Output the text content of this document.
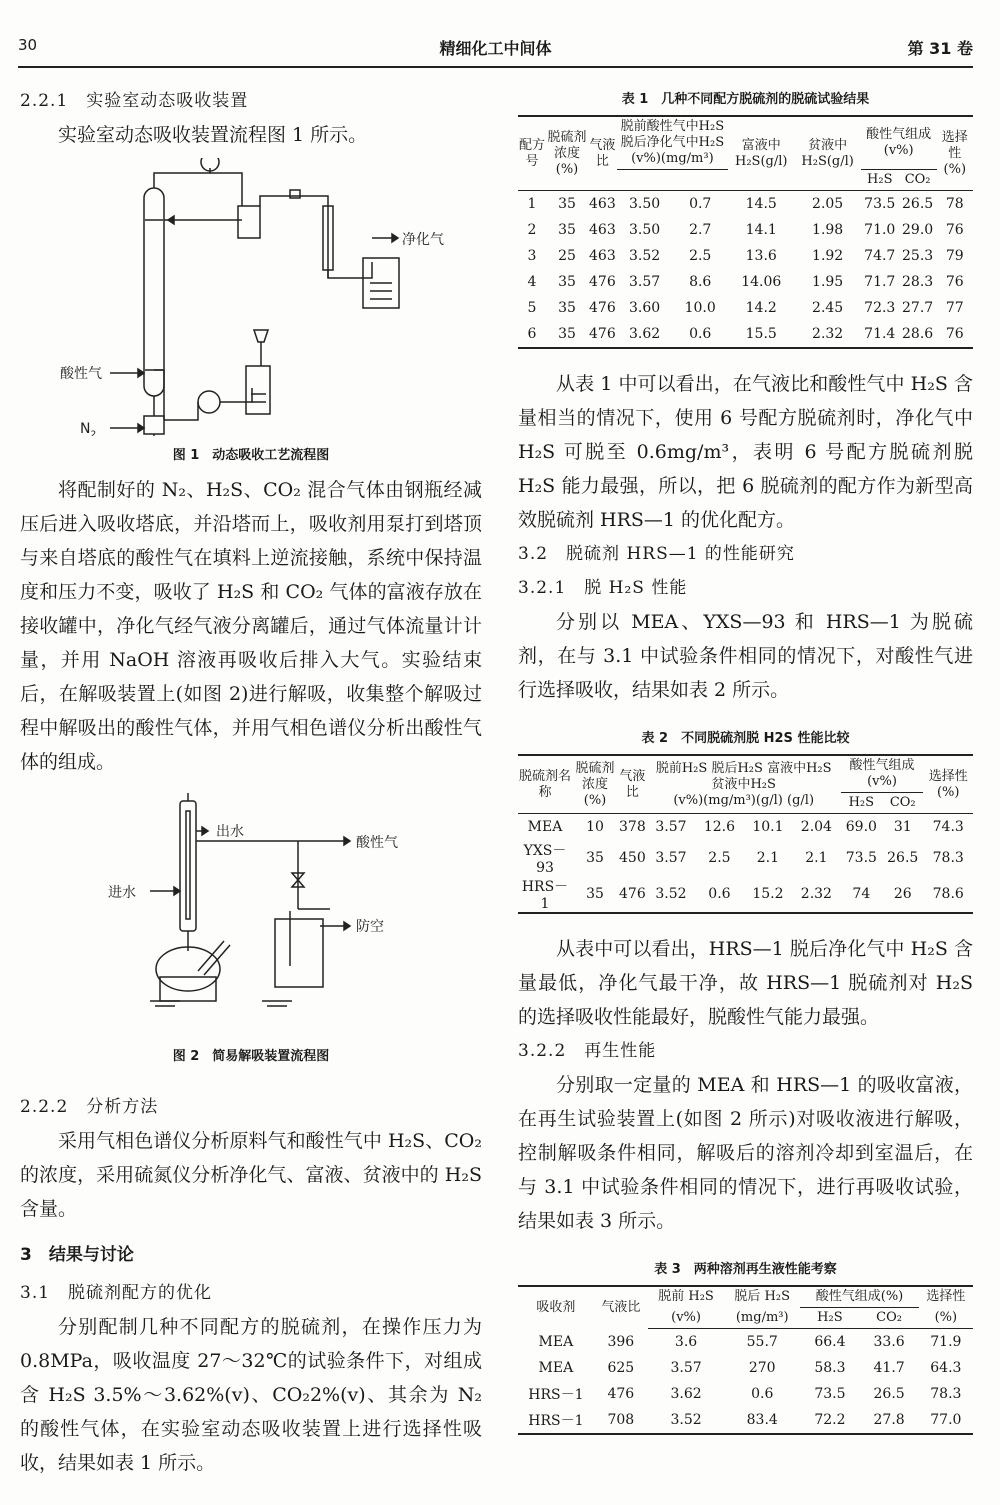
30	精细化工中间体	第 31 卷
2.2.1　实验室动态吸收装置

实验室动态吸收装置流程图 1 所示。

净化气
酸性气
$N_2$
图 1　动态吸收工艺流程图

将配制好的 N₂、H₂S、CO₂ 混合气体由钢瓶经减压后进入吸收塔底，并沿塔而上，吸收剂用泵打到塔顶与来自塔底的酸性气在填料上逆流接触，系统中保持温度和压力不变，吸收了 H₂S 和 CO₂ 气体的富液存放在接收罐中，净化气经气液分离罐后，通过气体流量计计量，并用 NaOH 溶液再吸收后排入大气。实验结束后，在解吸装置上(如图 2)进行解吸，收集整个解吸过程中解吸出的酸性气体，并用气相色谱仪分析出酸性气体的组成。

出水
进水
酸性气
防空
图 2　简易解吸装置流程图
2.2.2　分析方法

采用气相色谱仪分析原料气和酸性气中 H₂S、CO₂ 的浓度，采用硫氮仪分析净化气、富液、贫液中的 H₂S 含量。

3　结果与讨论
3.1　脱硫剂配方的优化

分别配制几种不同配方的脱硫剂，在操作压力为 0.8MPa，吸收温度 27～32℃的试验条件下，对组成含 H₂S 3.5%～3.62%(v)、CO₂2%(v)、其余为 N₂ 的酸性气体，在实验室动态吸收装置上进行选择性吸收，结果如表 1 所示。

表 1　几种不同配方脱硫剂的脱硫试验结果
配方号	脱硫剂浓度(%)	气液比	脱前酸性气中H₂S 脱后净化气中H₂S
(v%)(mg/m³)		富液中H₂S(g/l)	贫液中H₂S(g/l)	酸性气组成(v%)		选择性(%)
							H₂S	CO₂	
1	35	463	3.50	0.7	14.5	2.05	73.5	26.5	78
2	35	463	3.50	2.7	14.1	1.98	71.0	29.0	76
3	25	463	3.52	2.5	13.6	1.92	74.7	25.3	79
4	35	476	3.57	8.6	14.06	1.95	71.7	28.3	76
5	35	476	3.60	10.0	14.2	2.45	72.3	27.7	77
6	35	476	3.62	0.6	15.5	2.32	71.4	28.6	76

从表 1 中可以看出，在气液比和酸性气中 H₂S 含量相当的情况下，使用 6 号配方脱硫剂时，净化气中 H₂S 可脱至 0.6mg/m³，表明 6 号配方脱硫剂脱 H₂S 能力最强，所以，把 6 脱硫剂的配方作为新型高效脱硫剂 HRS—1 的优化配方。

3.2　脱硫剂 HRS—1 的性能研究
3.2.1　脱 H₂S 性能

分别以 MEA、YXS—93 和 HRS—1 为脱硫剂，在与 3.1 中试验条件相同的情况下，对酸性气进行选择吸收，结果如表 2 所示。

表 2　不同脱硫剂脱 H2S 性能比较
脱硫剂名称	脱硫剂浓度(%)	气液比	脱前H₂S 脱后H₂S 富液中H₂S 贫液中H₂S
(v%)(mg/m³)(g/l) (g/l)				酸性气组成(v%)		选择性(%)
							H₂S	CO₂	
MEA	10	378	3.57	12.6	10.1	2.04	69.0	31	74.3
YXS－93	35	450	3.57	2.5	2.1	2.1	73.5	26.5	78.3
HRS－1	35	476	3.52	0.6	15.2	2.32	74	26	78.6

从表中可以看出，HRS—1 脱后净化气中 H₂S 含量最低，净化气最干净，故 HRS—1 脱硫剂对 H₂S 的选择吸收性能最好，脱酸性气能力最强。

3.2.2　再生性能

分别取一定量的 MEA 和 HRS—1 的吸收富液，在再生试验装置上(如图 2 所示)对吸收液进行解吸，控制解吸条件相同，解吸后的溶剂冷却到室温后，在与 3.1 中试验条件相同的情况下，进行再吸收试验，结果如表 3 所示。

表 3　两种溶剂再生液性能考察
吸收剂	气液比	脱前 H₂S	脱后 H₂S	酸性气组成(%)		选择性
		(v%)	(mg/m³)	H₂S	CO₂	(%)
MEA	396	3.6	55.7	66.4	33.6	71.9
MEA	625	3.57	270	58.3	41.7	64.3
HRS－1	476	3.62	0.6	73.5	26.5	78.3
HRS－1	708	3.52	83.4	72.2	27.8	77.0
